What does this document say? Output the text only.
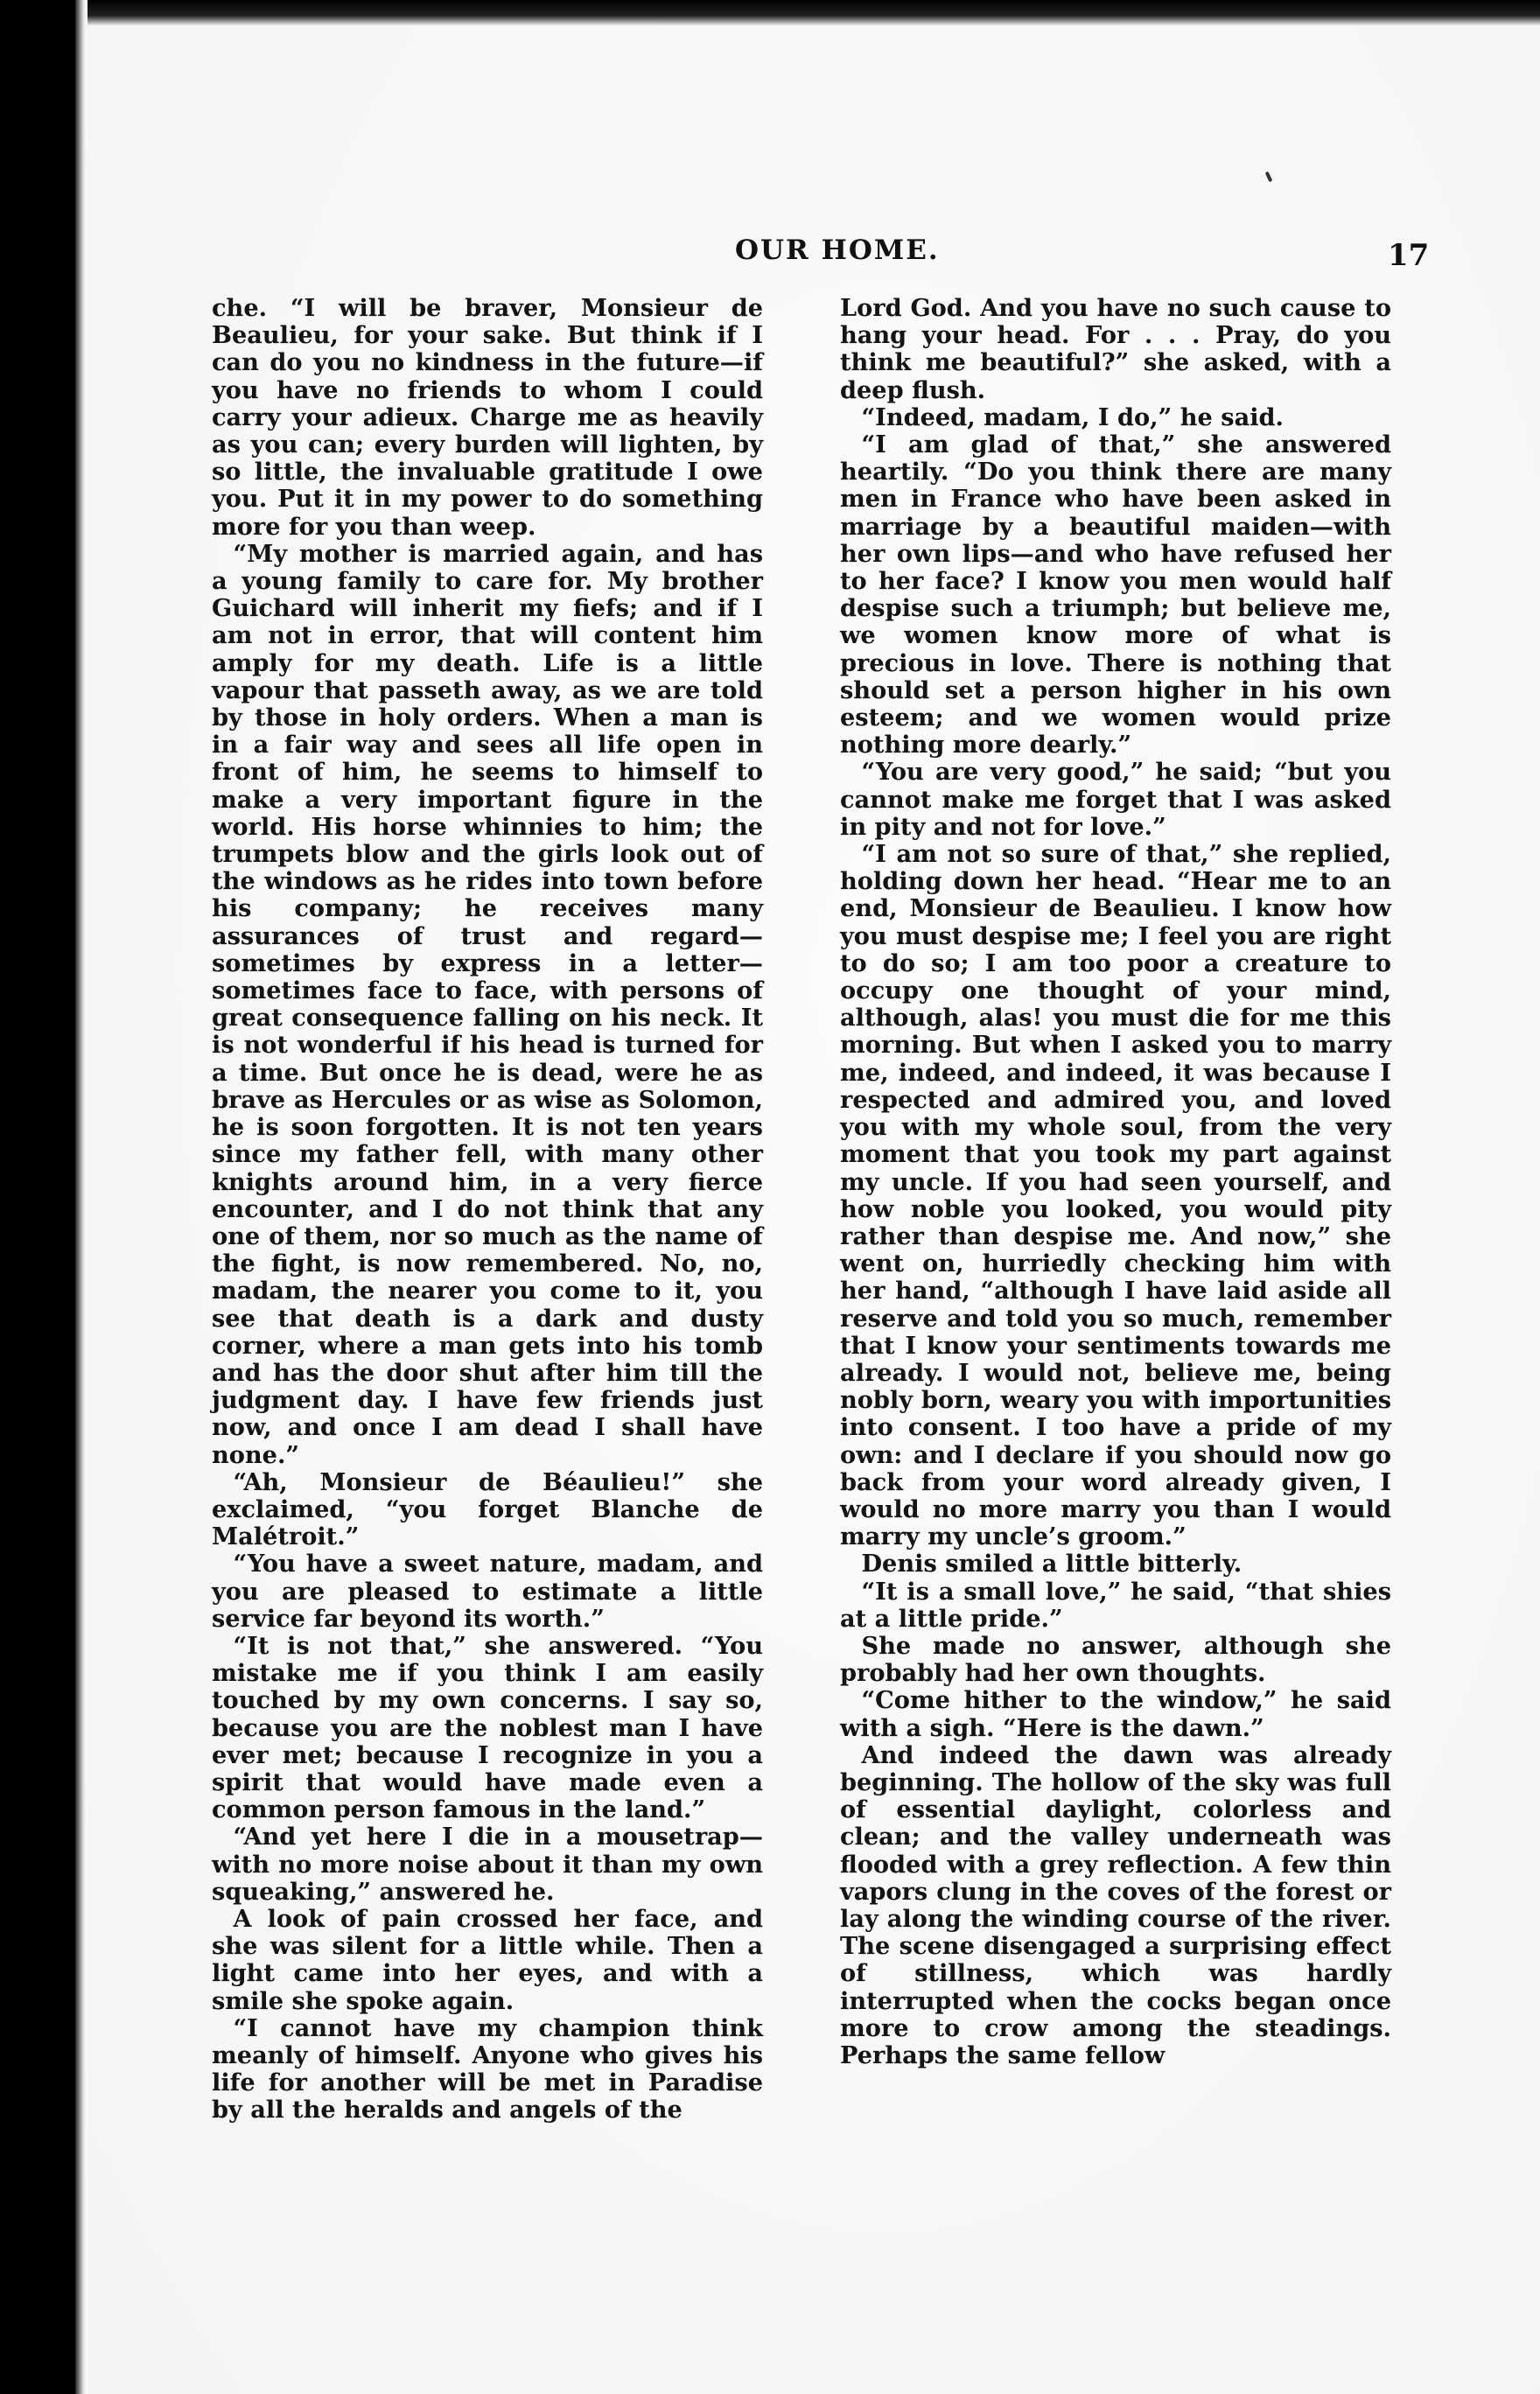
OUR HOME.	17

che. “I will be braver, Monsieur de Beaulieu, for your sake. But think if I can do you no kindness in the future—if you have no friends to whom I could carry your adieux. Charge me as heavily as you can; every burden will lighten, by so little, the invaluable gratitude I owe you. Put it in my power to do something more for you than weep.

“My mother is married again, and has a young family to care for. My brother Guichard will inherit my fiefs; and if I am not in error, that will content him amply for my death. Life is a little vapour that passeth away, as we are told by those in holy orders. When a man is in a fair way and sees all life open in front of him, he seems to himself to make a very important figure in the world. His horse whinnies to him; the trumpets blow and the girls look out of the windows as he rides into town before his company; he receives many assurances of trust and regard—sometimes by express in a letter—sometimes face to face, with persons of great consequence falling on his neck. It is not wonderful if his head is turned for a time. But once he is dead, were he as brave as Hercules or as wise as Solomon, he is soon forgotten. It is not ten years since my father fell, with many other knights around him, in a very fierce encounter, and I do not think that any one of them, nor so much as the name of the fight, is now remembered. No, no, madam, the nearer you come to it, you see that death is a dark and dusty corner, where a man gets into his tomb and has the door shut after him till the judgment day. I have few friends just now, and once I am dead I shall have none.”

“Ah, Monsieur de Béaulieu!” she exclaimed, “you forget Blanche de Malétroit.”

“You have a sweet nature, madam, and you are pleased to estimate a little service far beyond its worth.”

“It is not that,” she answered. “You mistake me if you think I am easily touched by my own concerns. I say so, because you are the noblest man I have ever met; because I recognize in you a spirit that would have made even a common person famous in the land.”

“And yet here I die in a mousetrap—with no more noise about it than my own squeaking,” answered he.

A look of pain crossed her face, and she was silent for a little while. Then a light came into her eyes, and with a smile she spoke again.

“I cannot have my champion think meanly of himself. Anyone who gives his life for another will be met in Paradise by all the heralds and angels of the

Lord God. And you have no such cause to hang your head. For . . . Pray, do you think me beautiful?” she asked, with a deep flush.

“Indeed, madam, I do,” he said.

“I am glad of that,” she answered heartily. “Do you think there are many men in France who have been asked in marriage by a beautiful maiden—with her own lips—and who have refused her to her face? I know you men would half despise such a triumph; but believe me, we women know more of what is precious in love. There is nothing that should set a person higher in his own esteem; and we women would prize nothing more dearly.”

“You are very good,” he said; “but you cannot make me forget that I was asked in pity and not for love.”

“I am not so sure of that,” she replied, holding down her head. “Hear me to an end, Monsieur de Beaulieu. I know how you must despise me; I feel you are right to do so; I am too poor a creature to occupy one thought of your mind, although, alas! you must die for me this morning. But when I asked you to marry me, indeed, and indeed, it was because I respected and admired you, and loved you with my whole soul, from the very moment that you took my part against my uncle. If you had seen yourself, and how noble you looked, you would pity rather than despise me. And now,” she went on, hurriedly checking him with her hand, “although I have laid aside all reserve and told you so much, remember that I know your sentiments towards me already. I would not, believe me, being nobly born, weary you with importunities into consent. I too have a pride of my own: and I declare if you should now go back from your word already given, I would no more marry you than I would marry my uncle’s groom.”

Denis smiled a little bitterly.

“It is a small love,” he said, “that shies at a little pride.”

She made no answer, although she probably had her own thoughts.

“Come hither to the window,” he said with a sigh. “Here is the dawn.”

And indeed the dawn was already beginning. The hollow of the sky was full of essential daylight, colorless and clean; and the valley underneath was flooded with a grey reflection. A few thin vapors clung in the coves of the forest or lay along the winding course of the river. The scene disengaged a surprising effect of stillness, which was hardly interrupted when the cocks began once more to crow among the steadings. Perhaps the same fellow
